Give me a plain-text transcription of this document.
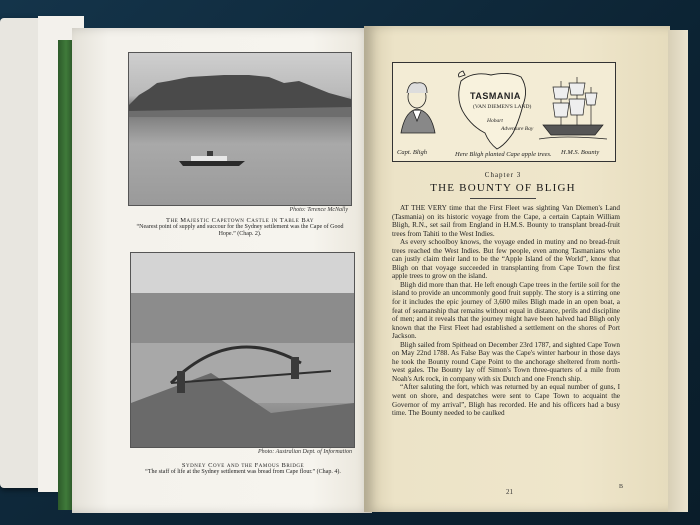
Photo: Terence McNally
The Majestic Capetown Castle in Table Bay
“Nearest point of supply and succour for the Sydney settlement was the Cape of Good Hope.” (Chap. 2).
Photo: Australian Dept. of Information
Sydney Cove and the Famous Bridge
“The staff of life at the Sydney settlement was bread from Cape flour.” (Chap. 4).
TASMANIA
(VAN DIEMEN'S LAND)
Hobart
Adventure Bay
Capt. Bligh	Here Bligh planted Cape apple trees. H.M.S. Bounty
Chapter 3
THE BOUNTY OF BLIGH

AT THE VERY time that the First Fleet was sighting Van Diemen's Land (Tasmania) on its historic voyage from the Cape, a certain Captain William Bligh, R.N., set sail from England in H.M.S. Bounty to transplant bread-fruit trees from Tahiti to the West Indies.

As every schoolboy knows, the voyage ended in mutiny and no bread-fruit trees reached the West Indies. But few people, even among Tasmanians who can justly claim their land to be the “Apple Island of the World”, know that Bligh on that voyage succeeded in transplanting from Cape Town the first apple trees to grow on the island.

Bligh did more than that. He left enough Cape trees in the fertile soil for the island to provide an uncommonly good fruit supply. The story is a stirring one for it includes the epic journey of 3,600 miles Bligh made in an open boat, a feat of seamanship that remains without equal in distance, perils and discipline of men; and it reveals that the journey might have been halved had Bligh only known that the First Fleet had established a settlement on the shores of Port Jackson.

Bligh sailed from Spithead on December 23rd 1787, and sighted Cape Town on May 22nd 1788. As False Bay was the Cape's winter harbour in those days he took the Bounty round Cape Point to the anchorage sheltered from north-west gales. The Bounty lay off Simon's Town three-quarters of a mile from Noah's Ark rock, in company with six Dutch and one French ship.

“After saluting the fort, which was returned by an equal number of guns, I went on shore, and despatches were sent to Cape Town to acquaint the Governor of my arrival”, Bligh has recorded. He and his officers had a busy time. The Bounty needed to be caulked

21
B
